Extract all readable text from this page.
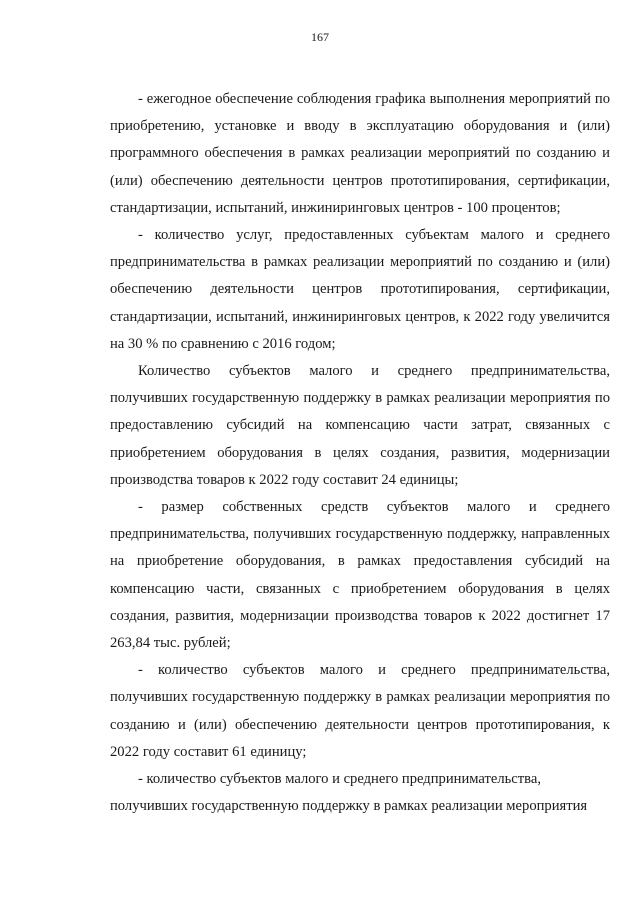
167

- ежегодное обеспечение соблюдения графика выполнения мероприятий по приобретению, установке и вводу в эксплуатацию оборудования и (или) программного обеспечения в рамках реализации мероприятий по созданию и (или) обеспечению деятельности центров прототипирования, сертификации, стандартизации, испытаний, инжиниринговых центров - 100 процентов;

- количество услуг, предоставленных субъектам малого и среднего предпринимательства в рамках реализации мероприятий по созданию и (или) обеспечению деятельности центров прототипирования, сертификации, стандартизации, испытаний, инжиниринговых центров, к 2022 году увеличится на 30 % по сравнению с 2016 годом;

Количество субъектов малого и среднего предпринимательства, получивших государственную поддержку в рамках реализации мероприятия по предоставлению субсидий на компенсацию части затрат, связанных с приобретением оборудования в целях создания, развития, модернизации производства товаров к 2022 году составит 24 единицы;

- размер собственных средств субъектов малого и среднего предпринимательства, получивших государственную поддержку, направленных на приобретение оборудования, в рамках предоставления субсидий на компенсацию части, связанных с приобретением оборудования в целях создания, развития, модернизации производства товаров к 2022 достигнет 17 263,84 тыс. рублей;

- количество субъектов малого и среднего предпринимательства, получивших государственную поддержку в рамках реализации мероприятия по созданию и (или) обеспечению деятельности центров прототипирования, к 2022 году составит 61 единицу;

- количество субъектов малого и среднего предпринимательства, получивших государственную поддержку в рамках реализации мероприятия
